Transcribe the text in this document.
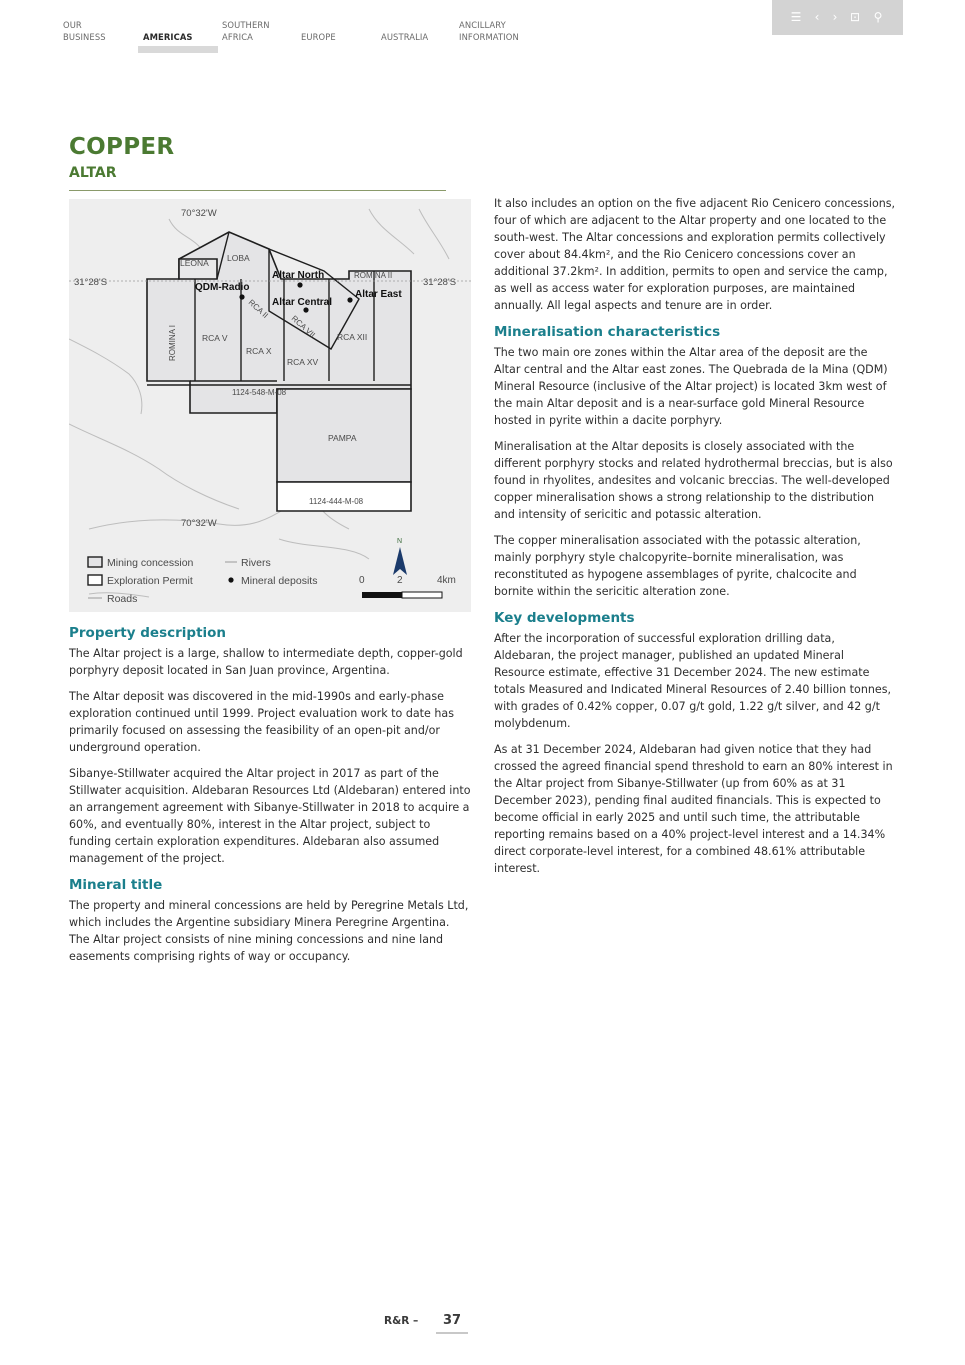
OUR
BUSINESS
	AMERICAS
SOUTHERN
AFRICA
	EUROPE
	AUSTRALIA
ANCILLARY
INFORMATION
☰	‹	›	⊡ ⚲
COPPER
ALTAR
70°32'W
31°28'S	31°28'S
70°32'W
LEONA LOBA
ROMINA II
RCA V
RCA X
RCA XV
RCA XII
1124-548-M-08
PAMPA
1124-444-M-08
ROMINA I
RCA II
RCA VII
Altar North
QDM-Radio
Altar Central
Altar East
Mining concession
Exploration Permit
Roads
Rivers
Mineral deposits
N
0	2	4km
Property description

The Altar project is a large, shallow to intermediate depth, copper-gold porphyry deposit located in San Juan province, Argentina.

The Altar deposit was discovered in the mid-1990s and early-phase exploration continued until 1999. Project evaluation work to date has primarily focused on assessing the feasibility of an open-pit and/or underground operation.

Sibanye-Stillwater acquired the Altar project in 2017 as part of the Stillwater acquisition. Aldebaran Resources Ltd (Aldebaran) entered into an arrangement agreement with Sibanye-Stillwater in 2018 to acquire a 60%, and eventually 80%, interest in the Altar project, subject to funding certain exploration expenditures. Aldebaran also assumed management of the project.

Mineral title

The property and mineral concessions are held by Peregrine Metals Ltd, which includes the Argentine subsidiary Minera Peregrine Argentina. The Altar project consists of nine mining concessions and nine land easements comprising rights of way or occupancy.

It also includes an option on the five adjacent Rio Cenicero concessions, four of which are adjacent to the Altar property and one located to the south-west. The Altar concessions and exploration permits collectively cover about 84.4km², and the Rio Cenicero concessions cover an additional 37.2km². In addition, permits to open and service the camp, as well as access water for exploration purposes, are maintained annually. All legal aspects and tenure are in order.

Mineralisation characteristics

The two main ore zones within the Altar area of the deposit are the Altar central and the Altar east zones. The Quebrada de la Mina (QDM) Mineral Resource (inclusive of the Altar project) is located 3km west of the main Altar deposit and is a near-surface gold Mineral Resource hosted in pyrite within a dacite porphyry.

Mineralisation at the Altar deposits is closely associated with the different porphyry stocks and related hydrothermal breccias, but is also found in rhyolites, andesites and volcanic breccias. The well-developed copper mineralisation shows a strong relationship to the distribution and intensity of sericitic and potassic alteration.

The copper mineralisation associated with the potassic alteration, mainly porphyry style chalcopyrite–bornite mineralisation, was reconstituted as hypogene assemblages of pyrite, chalcocite and bornite within the sericitic alteration zone.

Key developments

After the incorporation of successful exploration drilling data, Aldebaran, the project manager, published an updated Mineral Resource estimate, effective 31 December 2024. The new estimate totals Measured and Indicated Mineral Resources of 2.40 billion tonnes, with grades of 0.42% copper, 0.07 g/t gold, 1.22 g/t silver, and 42 g/t molybdenum.

As at 31 December 2024, Aldebaran had given notice that they had crossed the agreed financial spend threshold to earn an 80% interest in the Altar project from Sibanye-Stillwater (up from 60% as at 31 December 2023), pending final audited financials. This is expected to become official in early 2025 and until such time, the attributable reporting remains based on a 40% project-level interest and a 14.34% direct corporate-level interest, for a combined 48.61% attributable interest.

R&R –	37
